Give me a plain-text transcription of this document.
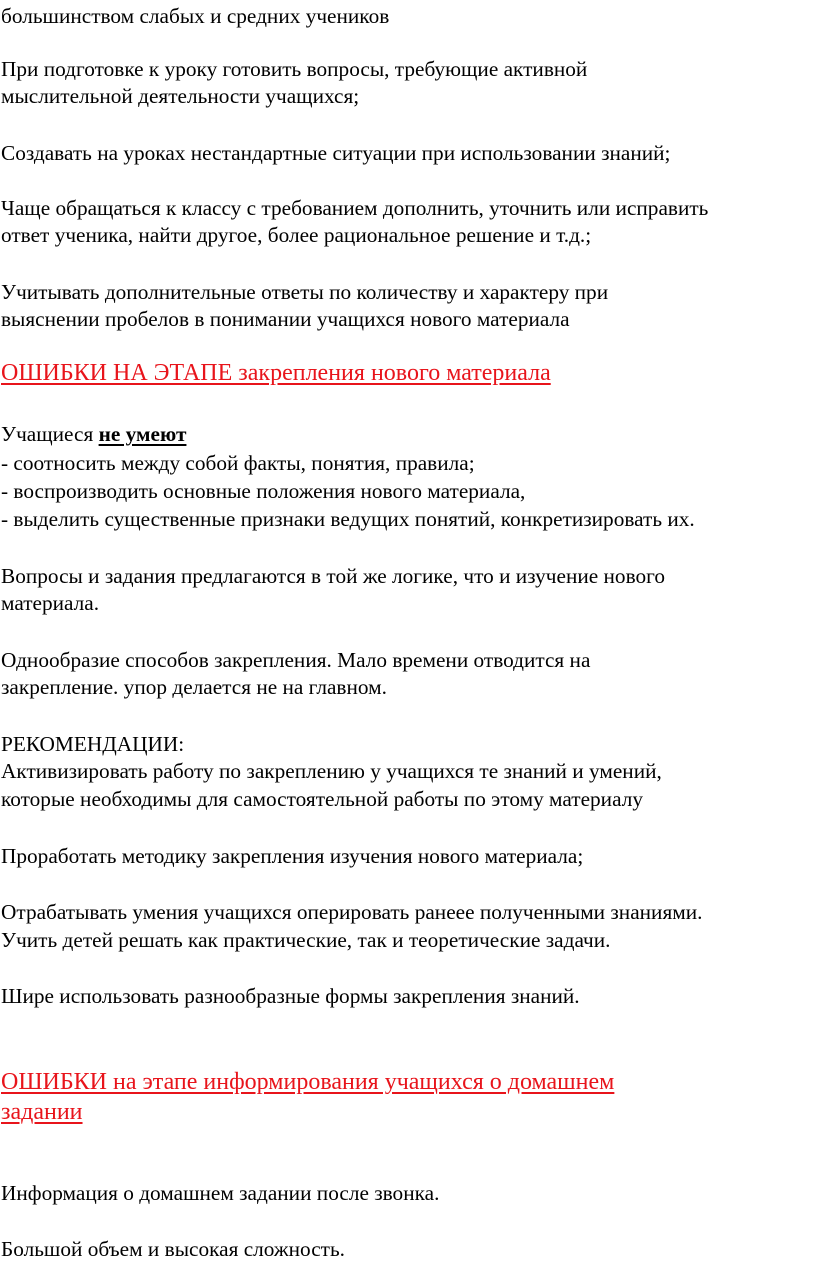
большинством слабых и средних учеников
При подготовке к уроку готовить вопросы, требующие активной
мыслительной деятельности учащихся;
Создавать на уроках нестандартные ситуации при использовании знаний;
Чаще обращаться к классу с требованием дополнить, уточнить или исправить
ответ ученика, найти другое, более рациональное решение и т.д.;
Учитывать дополнительные ответы по количеству и характеру при
выяснении пробелов в понимании учащихся нового материала
ОШИБКИ НА ЭТАПЕ закрепления нового материала
Учащиеся не умеют
- соотносить между собой факты, понятия, правила;
- воспроизводить основные положения нового материала,
- выделить существенные признаки ведущих понятий, конкретизировать их.
Вопросы и задания предлагаются в той же логике, что и изучение нового
материала.
Однообразие способов закрепления. Мало времени отводится на
закрепление. упор делается не на главном.
РЕКОМЕНДАЦИИ:
Активизировать работу по закреплению у учащихся те знаний и умений,
которые необходимы для самостоятельной работы по этому материалу
Проработать методику закрепления изучения нового материала;
Отрабатывать умения учащихся оперировать ранеее полученными знаниями.
Учить детей решать как практические, так и теоретические задачи.
Шире использовать разнообразные формы закрепления знаний.
ОШИБКИ на этапе информирования учащихся о домашнем
задании
Информация о домашнем задании после звонка.
Большой объем и высокая сложность.
